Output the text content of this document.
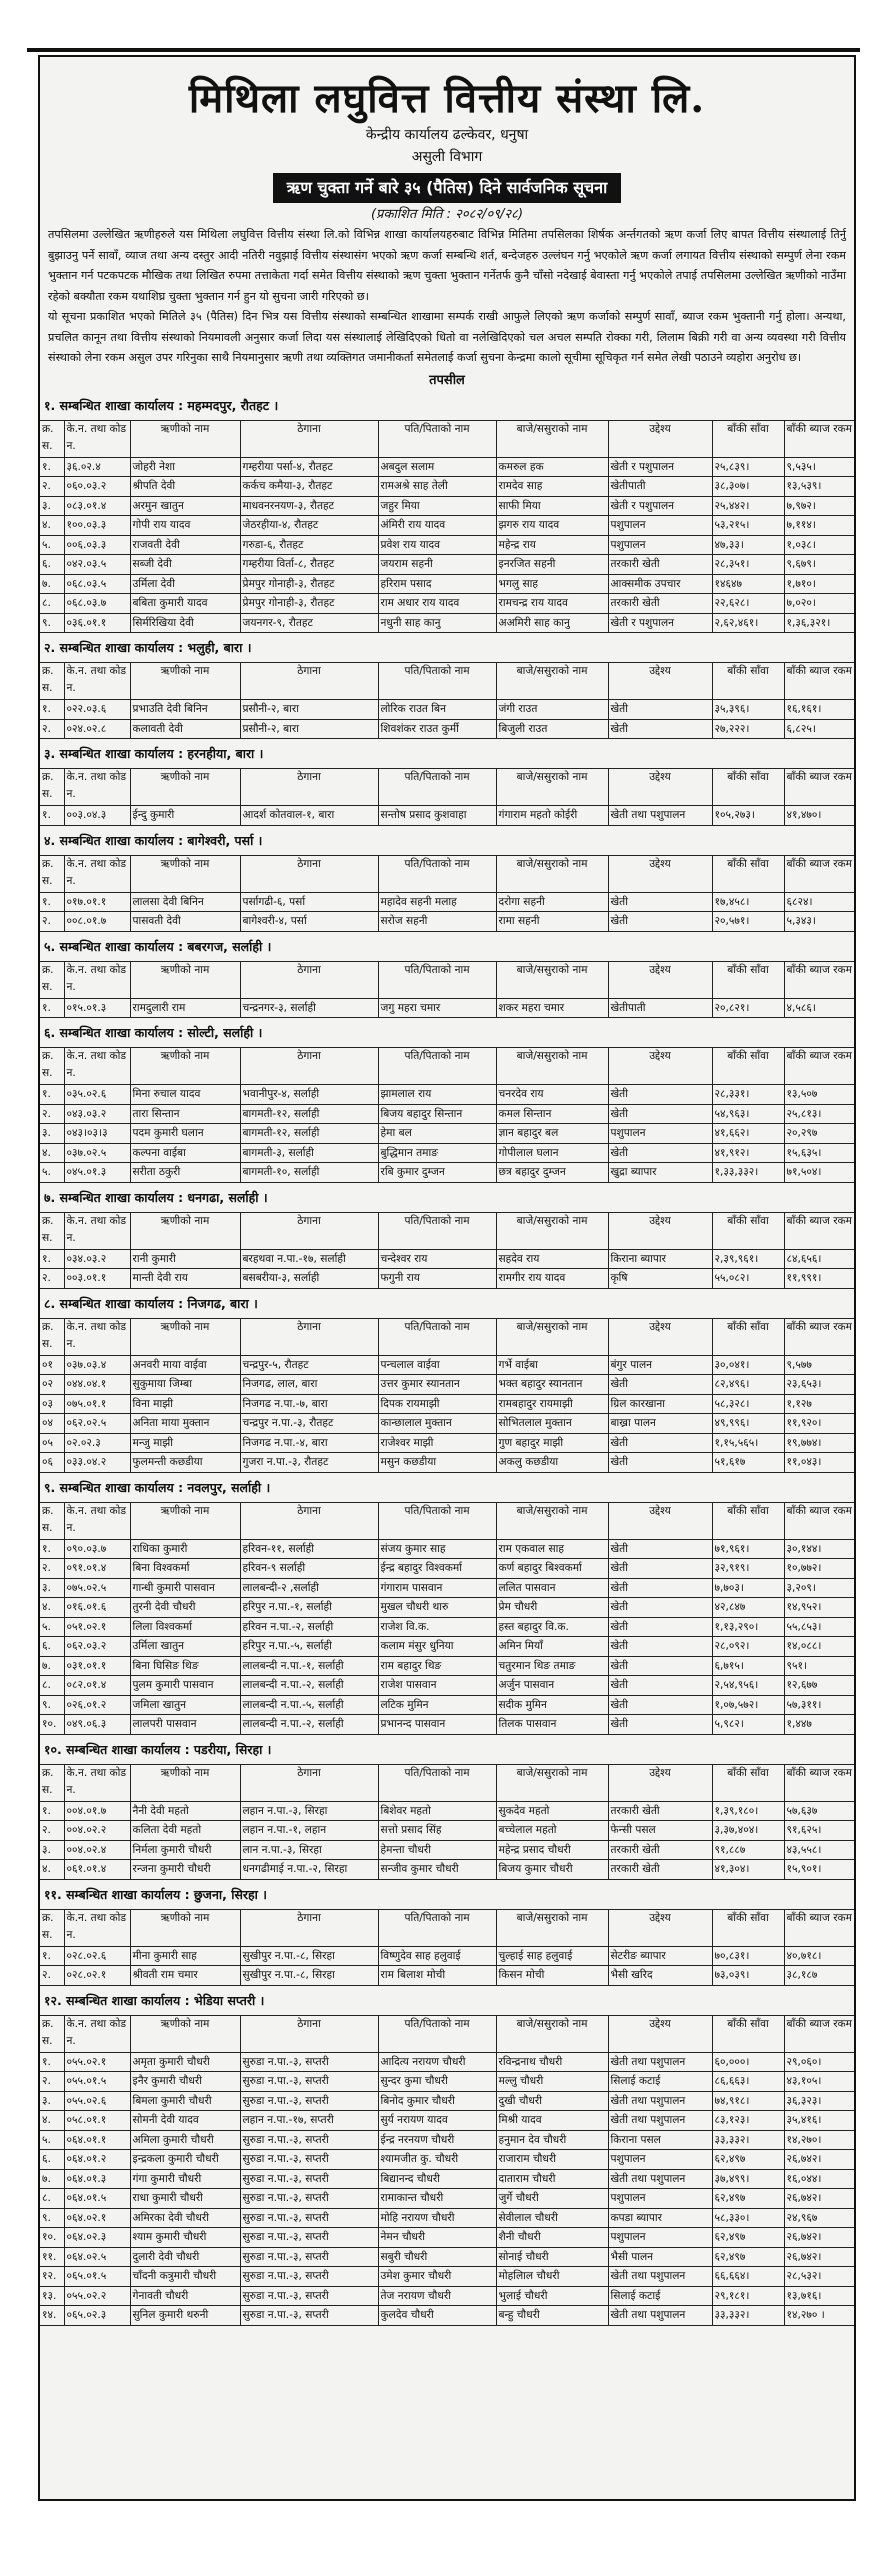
मिथिला लघुवित्त वित्तीय संस्था लि.
केन्द्रीय कार्यालय ढल्केवर, धनुषा
असुली विभाग
ऋण चुक्ता गर्ने बारे ३५ (पैतिस) दिने सार्वजनिक सूचना
(प्रकाशित मिति : २०८२/०९/२८)
तपसिलमा उल्लेखित ऋणीहरुले यस मिथिला लघुवित्त वित्तीय संस्था लि.को विभिन्न शाखा कार्यालयहरुबाट विभिन्न मितिमा तपसिलका शिर्षक अर्न्तगतको ऋण कर्जा लिए बापत वित्तीय संस्थालाई तिर्नु बुझाउनु पर्ने सावाँ, व्याज तथा अन्य दस्तुर आदी नतिरी नवुझाई वित्तीय संस्थासंग भएको ऋण कर्जा सम्बन्धि शर्त, बन्देजहरु उल्लंघन गर्नु भएकोले ऋण कर्जा लगायत वित्तीय संस्थाको सम्पुर्ण लेना रकम भुक्तान गर्न पटकपटक मौखिक तथा लिखित रुपमा तत्ताकेता गर्दा समेत वित्तीय संस्थाको ऋण चुक्ता भुक्तान गर्नेतर्फ कुनै चाँसो नदेखाई बेवास्ता गर्नु भएकोले तपाई तपसिलमा उल्लेखित ऋणीको नाउँमा रहेको बक्यौता रकम यथाशिघ्र चुक्ता भुक्तान गर्न हुन यो सुचना जारी गरिएको छ।
यो सूचना प्रकाशित भएको मितिले ३५ (पैतिस) दिन भित्र यस वित्तीय संस्थाको सम्बन्धित शाखामा सम्पर्क राखी आफुले लिएको ऋण कर्जाको सम्पुर्ण सावाँ, ब्याज रकम भुक्तानी गर्नु होला। अन्यथा, प्रचलित कानून तथा वित्तीय संस्थाको नियमावली अनुसार कर्जा लिदा यस संस्थालाई लेखिदिएको धितो वा नलेखिदिएको चल अचल सम्पति रोक्का गरी, लिलाम बिक्री गरी वा अन्य व्यवस्था गरी वित्तीय संस्थाको लेना रकम असुल उपर गरिनुका साथै नियमानुसार ऋणी तथा व्यक्तिगत जमानीकर्ता समेतलाई कर्जा सुचना केन्द्रमा कालो सूचीमा सूचिकृत गर्न समेत लेखी पठाउने व्यहोरा अनुरोध छ।
तपसील
१. सम्बन्धित शाखा कार्यालय : महम्मदपुर, रौतहट ।
क्र. स.	के.न. तथा कोड न.	ऋणीको नाम	ठेगाना	पति/पिताको नाम	बाजे/ससुराको नाम	उद्देश्य	बाँकी साँवा	बाँकी ब्याज रकम
१.	३६.०२.४	जोहरी नेशा	गम्हरीया पर्सा-४, रौतहट	अबदुल सलाम	कमरुल हक	खेती र पशुपालन	२५,८३९।	९,५३५।
२.	०६०.०३.२	श्रीपति देवी	कर्कच कमैया-३, रौतहट	रामअश्रे साह तेली	रामदेव साह	खेतीपाती	३८,३०७।	१३,५३९।
३.	०८३.०१.४	अरमुन खातुन	माधवनरनयण-३, रौतहट	जहुर मिया	साफी मिया	खेती र पशुपालन	२५,४४२।	७,९७२।
४.	१००.०३.३	गोपी राय यादव	जेठरहीया-४, रौतहट	अंमिरी राय यादव	झगरु राय यादव	पशुपालन	५३,२१५।	७,११४।
५.	००६.०३.३	राजवती देवी	गरुडा-६, रौतहट	प्रवेश राय यादव	महेन्द्र राय	पशुपालन	४७,३३।	१,०३८।
६.	०४२.०३.५	सब्जी देवी	गम्हरीया विर्ता-८, रौतहट	जयराम सहनी	इनरजित सहनी	तरकारी खेती	२८,३५१।	९,६७९।
७.	०६८.०३.५	उर्मिला देवी	प्रेमपुर गोनाही-३, रौतहट	हरिराम पसाद	भगलु साह	आक्समीक उपचार	१४६४७	१,७१०।
८.	०६८.०३.७	बबिता कुमारी यादव	प्रेमपुर गोनाही-३, रौतहट	राम अधार राय यादव	रामचन्द्र राय यादव	तरकारी खेती	२२,६२८।	७,०२०।
९.	०३६.०१.१	सिर्मरिखिया देवी	जयनगर-९, रौतहट	नधुनी साह कानु	अअमिरी साह कानु	खेती र पशुपालन	२,६२,४६१।	१,३६,३२१।
२. सम्बन्धित शाखा कार्यालय : भलुही, बारा ।
क्र. स.	के.न. तथा कोड न.	ऋणीको नाम	ठेगाना	पति/पिताको नाम	बाजे/ससुराको नाम	उद्देश्य	बाँकी साँवा	बाँकी ब्याज रकम
१.	०२२.०३.६	प्रभाउति देवी बिनिन	प्रसौनी-२, बारा	लोरिक राउत बिन	जंगी राउत	खेती	३५,३९६।	१६,१६१।
२.	०२४.०२.८	कलावती देवी	प्रसौनी-२, बारा	शिवशंकर राउत कुर्मी	बिजुली राउत	खेती	२७,२२२।	६,८२५।
३. सम्बन्धित शाखा कार्यालय : हरनहीया, बारा ।
क्र. स.	के.न. तथा कोड न.	ऋणीको नाम	ठेगाना	पति/पिताको नाम	बाजे/ससुराको नाम	उद्देश्य	बाँकी साँवा	बाँकी ब्याज रकम
१.	००३.०४.३	ईन्दु कुमारी	आदर्श कोतवाल-१, बारा	सन्तोष प्रसाद कुशवाहा	गंगाराम महतो कोईरी	खेती तथा पशुपालन	१०५,२७३।	४१,४७०।
४. सम्बन्धित शाखा कार्यालय : बागेश्वरी, पर्सा ।
क्र. स.	के.न. तथा कोड न.	ऋणीको नाम	ठेगाना	पति/पिताको नाम	बाजे/ससुराको नाम	उद्देश्य	बाँकी साँवा	बाँकी ब्याज रकम
१.	०१७.०१.१	लालसा देवी बिनिन	पर्सागढी-६, पर्सा	महादेव सहनी मलाह	दरोगा सहनी	खेती	१७,४५८।	६८२४।
२.	००८.०१.७	पासवती देवी	बागेश्वरी-४, पर्सा	सरोज सहनी	रामा सहनी	खेती	२०,५७१।	५,३४३।
५. सम्बन्धित शाखा कार्यालय : बबरगज, सर्लाही ।
क्र. स.	के.न. तथा कोड न.	ऋणीको नाम	ठेगाना	पति/पिताको नाम	बाजे/ससुराको नाम	उद्देश्य	बाँकी साँवा	बाँकी ब्याज रकम
१.	०१५.०१.३	रामदुलारी राम	चन्द्रनगर-३, सर्लाही	जगु महरा चमार	शकर महरा चमार	खेतीपाती	२०,८२१।	४,५८६।
६. सम्बन्धित शाखा कार्यालय : सोल्टी, सर्लाही ।
क्र. स.	के.न. तथा कोड न.	ऋणीको नाम	ठेगाना	पति/पिताको नाम	बाजे/ससुराको नाम	उद्देश्य	बाँकी साँवा	बाँकी ब्याज रकम
१.	०३५.०२.६	मिना रुचाल यादव	भवानीपुर-४, सर्लाही	झामलाल राय	चनरदेव राय	खेती	२८,३३१।	१३,५०७
२.	०४३.०३.२	तारा सिन्तान	बागमती-१२, सर्लाही	बिजय बहादुर सिन्तान	कमल सिन्तान	खेती	५४,९६३।	२५,८१३।
३.	०४३।०३।३	पदम कुमारी घलान	बागमती-१२, सर्लाही	हेमा बल	ज्ञान बहादुर बल	पशुपालन	४१,६६२।	२०,२९७
४.	०३७.०२.५	कल्पना वाईबा	बागमती-३, सर्लाही	बुद्धिमान तमाङ	गोपीलाल घलान	खेती	४१,९१२।	१५,६३५।
५.	०४५.०१.३	सरीता ठकुरी	बागमती-१०, सर्लाही	रबि कुमार दुम्जन	छत्र बहादुर दुम्जन	खुद्रा ब्यापार	१,३३,३३२।	७१,५०४।
७. सम्बन्धित शाखा कार्यालय : धनगढा, सर्लाही ।
क्र. स.	के.न. तथा कोड न.	ऋणीको नाम	ठेगाना	पति/पिताको नाम	बाजे/ससुराको नाम	उद्देश्य	बाँकी साँवा	बाँकी ब्याज रकम
१.	०३४.०३.२	रानी कुमारी	बरहथवा न.पा.-१७, सर्लाही	चन्देश्वर राय	सहदेव राय	किराना ब्यापार	२,३९,९६१।	८४,६५६।
२.	००३.०१.१	मान्ती देवी राय	बसबरीया-३, सर्लाही	फगुनी राय	रामगीर राय यादव	कृषि	५५,०८२।	११,९९१।
८. सम्बन्धित शाखा कार्यालय : निजगढ, बारा ।
क्र. स.	के.न. तथा कोड न.	ऋणीको नाम	ठेगाना	पति/पिताको नाम	बाजे/ससुराको नाम	उद्देश्य	बाँकी साँवा	बाँकी ब्याज रकम
०१	०३७.०३.४	अनवरी माया वाईवा	चन्द्रपुर-५, रौतहट	पन्चलाल वाईवा	गर्भे वाईबा	बंगुर पालन	३०,०४१।	९,५७७
०२	०४४.०४.१	सुकुमाया जिम्बा	निजगढ, लाल, बारा	उत्तर कुमार स्यानतान	भक्त बहादुर स्यानतान	खेती	८२,४९६।	२३,६५३।
०३	०७५.०१.१	विना माझी	निजगढ न.पा.-७, बारा	दिपक रायमाझी	रामबहादुर रायमाझी	ग्रिल कारखाना	५८,३२८।	१,१२७
०४	०६२.०२.५	अनिता माया मुक्तान	चन्द्रपुर न.पा.-३, रौतहट	कान्छालाल मुक्तान	सोभितलाल मुक्तान	बाख्रा पालन	४९,९९६।	११,९२०।
०५	०२.०२.३	मन्जु माझी	निजगढ न.पा.-४, बारा	राजेश्वर माझी	गुण बहादुर माझी	खेती	१,१५,५६५।	१९,७७४।
०६	०३३.०४.२	फुलमन्ती कछडीया	गुजरा न.पा.-३, रौतहट	मसुन कछडीया	अकलु कछडीया	खेती	५१,६१७	११,०४३।
९. सम्बन्धित शाखा कार्यालय : नवलपुर, सर्लाही ।
क्र. स.	के.न. तथा कोड न.	ऋणीको नाम	ठेगाना	पति/पिताको नाम	बाजे/ससुराको नाम	उद्देश्य	बाँकी साँवा	बाँकी ब्याज रकम
१.	०९०.०३.७	राधिका कुमारी	हरिवन-११, सर्लाही	संजय कुमार साह	राम एकवाल साह	खेती	७१,९६१।	३०,१४४।
२.	०९१.०१.४	बिना विश्वकर्मा	हरिवन-९ सर्लाही	ईन्द्र बहादुर विश्वकर्मा	कर्ण बहादुर बिश्वकर्मा	खेती	३२,९१९।	१०,७७२।
३.	०७५.०२.५	गान्धी कुमारी पासवान	लालबन्दी-२ ,सर्लाही	गंगाराम पासवान	ललित पासवान	खेती	७,७०३।	३,२०९।
४.	०१६.०१.६	तुरनी देवी चौधरी	हरिपुर न.पा.-१, सर्लाही	मुखल चौधरी थारु	प्रेम चौधरी	खेती	४२,८४७	१४,९५२।
५.	०५१.०२.१	लिला विश्वकर्मा	हरिवन न.पा.-२, सर्लाही	राजेश वि.क.	हस्त बहादुर वि.क.	खेती	१,१३,२९०।	५५,८५३।
६.	०६२.०३.२	उर्मिला खातुन	हरिपुर न.पा.-५, सर्लाही	कलाम मंसुर धुनिया	अमिन मियाँ	खेती	२८,०९२।	१४,०८८।
७.	०३१.०१.१	बिना घिसिङ थिङ	लालबन्दी न.पा.-१, सर्लाही	राम बहादुर थिङ	चतुरमान थिङ तमाङ	खेती	६,७१५।	९५१।
८.	०८२.०१.४	पुलम कुमारी पासवान	लालबन्दी न.पा.-२, सर्लाही	राजेश पासवान	अर्जुन पासवान	खेती	२,५४,९५६।	१२,६७७
९.	०२६.०१.२	जमिला खातुन	लालबन्दी न.पा.-५, सर्लाही	लटिक मुमिन	सदीक मुमिन	खेती	१,०७,५७२।	५७,३११।
१०.	०४९.०६.३	लालपरी पासवान	लालबन्दी न.पा.-२, सर्लाही	प्रभानन्द पासवान	तिलक पासवान	खेती	५,९८२।	१,४४७
१०. सम्बन्धित शाखा कार्यालय : पडरीया, सिरहा ।
क्र. स.	के.न. तथा कोड न.	ऋणीको नाम	ठेगाना	पति/पिताको नाम	बाजे/ससुराको नाम	उद्देश्य	बाँकी साँवा	बाँकी ब्याज रकम
१.	००४.०१.७	नैनी देवी महतो	लहान न.पा.-३, सिरहा	बिशेवर महतो	सुकदेव महतो	तरकारी खेती	१,३९,१८०।	५७,६३७
२.	००४.०२.२	कलिता देवी महतो	लहान न.पा.-१, लहान	सत्तो प्रसाद सिंह	बच्चेलाल महतो	फेन्सी पसल	३,३७,४०४।	९१,६२५।
३.	००४.०२.४	निर्मला कुमारी चौधरी	लान न.पा.-३, सिरहा	हेमन्ता चौधरी	महेन्द्र प्रसाद चौधरी	तरकारी खेती	९१,८८७	४३,५५८।
४.	०६१.०१.४	रन्जना कुमारी चौधरी	धनगढीमाई न.पा.-२, सिरहा	सन्जीव कुमार चौधरी	बिजय कुमार चौधरी	तरकारी खेती	४१,३०४।	१५,९०१।
११. सम्बन्धित शाखा कार्यालय : छुजना, सिरहा ।
क्र. स.	के.न. तथा कोड न.	ऋणीको नाम	ठेगाना	पति/पिताको नाम	बाजे/ससुराको नाम	उद्देश्य	बाँकी साँवा	बाँकी ब्याज रकम
१.	०२८.०२.६	मीना कुमारी साह	सुखीपुर न.पा.-८, सिरहा	विष्णुदेव साह हलुवाई	चुल्हाई साह हलुवाई	सेटरीङ ब्यापार	७०,८३१।	४०,७१८।
२.	०२८.०२.१	श्रीवती राम चमार	सुखीपुर न.पा.-८, सिरहा	राम बिलाश मोची	किसन मोची	भैसी खरिद	७३,०३९।	३८,१८७
१२. सम्बन्धित शाखा कार्यालय : भेडिया सप्तरी ।
क्र. स.	के.न. तथा कोड न.	ऋणीको नाम	ठेगाना	पति/पिताको नाम	बाजे/ससुराको नाम	उद्देश्य	बाँकी साँवा	बाँकी ब्याज रकम
१.	०५५.०२.१	अमृता कुमारी चौधरी	सुरुडा न.पा.-३, सप्तरी	आदित्य नरायण चौधरी	रविन्द्रनाथ चौधरी	खेती तथा पशुपालन	६०,०००।	२९,०६०।
२.	०५५.०१.५	इनैर कुमारी चौधरी	सुरुडा न.पा.-३, सप्तरी	सुन्दर कुमा चौधरी	मल्लु चौधरी	सिलाई कटाई	८६,६६३।	४३,१०५।
३.	०५५.०२.६	बिमला कुमारी चौधरी	सुरुडा न.पा.-३, सप्तरी	बिनोद कुमार चौधरी	दुखी चौधरी	खेती तथा पशुपालन	७४,९१८।	३६,३२३।
४.	०५८.०१.१	सोमनी देवी यादव	लहान न.पा.-१७, सप्तरी	सुर्य नरायण यादव	मिश्री यादव	खेती तथा पशुपालन	८३,१२३।	३५,४१६।
५.	०६४.०१.१	अमिला कुमारी चौधरी	सुरुडा न.पा.-३, सप्तरी	ईन्द्र नरनयण चौधरी	हनुमान देव चौधरी	किराना पसल	३३,३३२।	१४,२७०।
६.	०६४.०१.२	इन्द्रकला कुमारी चौधरी	सुरुडा न.पा.-३, सप्तरी	श्यामजीत कु. चौधरी	राजाराम चौधरी	पशुपालन	६२,४९७	२६,७४२।
७.	०६४.०१.३	गंगा कुमारी चौधरी	सुरुडा न.पा.-३, सप्तरी	बिद्यानन्द चौधरी	दाताराम चौधरी	खेती तथा पशुपालन	३७,४९९।	१६,०४४।
८.	०६४.०१.५	राधा कुमारी चौधरी	सुरुडा न.पा.-३, सप्तरी	रामाकान्त चौधरी	जुर्गे चौधरी	पशुपालन	६२,४९७	२६,७४२।
९.	०६४.०२.१	अमिरका देवी चौधरी	सुरुडा न.पा.-३, सप्तरी	मोहि नरायण चौधरी	सेवीलाल चौधरी	कपडा ब्यापार	५८,३३०।	२४,९६७
१०.	०६४.०२.३	श्याम कुमारी चौधरी	सुरुडा न.पा.-३, सप्तरी	नेमन चौधरी	शैनी चौधरी	पशुपालन	६२,४९७	२६,७४२।
११.	०६४.०२.५	दुलारी देवी चौधरी	सुरुडा न.पा.-३, सप्तरी	सबुरी चौधरी	सोनाई चौधरी	भैसी पालन	६२,४९७	२६,७४२।
१२.	०६५.०१.५	चाँदनी कत्रुमारी चौधरी	सुरुडा न.पा.-३, सप्तरी	उमेश कुमार चौधरी	मोहलिाल चौधरी	खेती तथा पशुपालन	६६,६६४।	२८,५३२।
१३.	०५५.०२.२	गेनावती चौधरी	सुरुडा न.पा.-३, सप्तरी	तेज नरायण चौधरी	भुलाई चौधरी	सिलाई कटाई	२९,१८१।	१३,७१६।
१४.	०६५.०२.३	सुनिल कुमारी थरुनी	सुरुडा न.पा.-३, सप्तरी	कुलदेव चौधरी	बन्हु चौधरी	खेती तथा पशुपालन	३३,३३२।	१४,२७० ।
